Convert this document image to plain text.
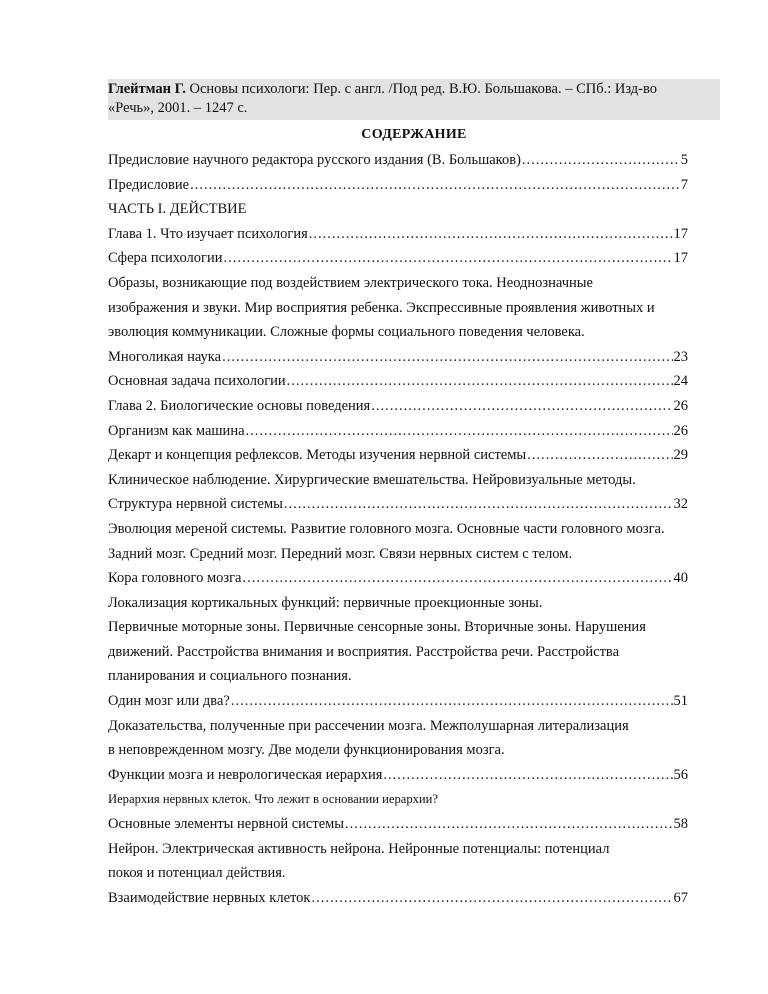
Глейтман Г. Основы психологи: Пер. с англ. /Под ред. В.Ю. Большакова. – СПб.: Изд-во
«Речь», 2001. – 1247 с.
СОДЕРЖАНИЕ
Предисловие научного редактора русского издания (В. Большаков) .....	5
Предисловие .....	7
ЧАСТЬ I. ДЕЙСТВИЕ
Глава 1. Что изучает психология .....	17
Сфера психологии .....	17
Образы, возникающие под воздействием электрического тока. Неоднозначные
изображения и звуки. Мир восприятия ребенка. Экспрессивные проявления животных и
эволюция коммуникации. Сложные формы социального поведения человека.
Многоликая наука .....	23
Основная задача психологии .....	24
Глава 2. Биологические основы поведения .....	26
Организм как машина .....	26
Декарт и концепция рефлексов. Методы изучения нервной системы .....	29
Клиническое наблюдение. Хирургические вмешательства. Нейровизуальные методы.
Структура нервной системы .....	32
Эволюция мереной системы. Развитие головного мозга. Основные части головного мозга.
Задний мозг. Средний мозг. Передний мозг. Связи нервных систем с телом.
Кора головного мозга .....	40
Локализация кортикальных функций: первичные проекционные зоны.
Первичные моторные зоны. Первичные сенсорные зоны. Вторичные зоны. Нарушения
движений. Расстройства внимания и восприятия. Расстройства речи. Расстройства
планирования и социального познания.
Один мозг или два? .....	51
Доказательства, полученные при рассечении мозга. Межполушарная литерализация
в неповрежденном мозгу. Две модели функционирования мозга.
Функции мозга и неврологическая иерархия .....	56
Иерархия нервных клеток. Что лежит в основании иерархии?
Основные элементы нервной системы .....	58
Нейрон. Электрическая активность нейрона. Нейронные потенциалы: потенциал
покоя и потенциал действия.
Взаимодействие нервных клеток .....	67
